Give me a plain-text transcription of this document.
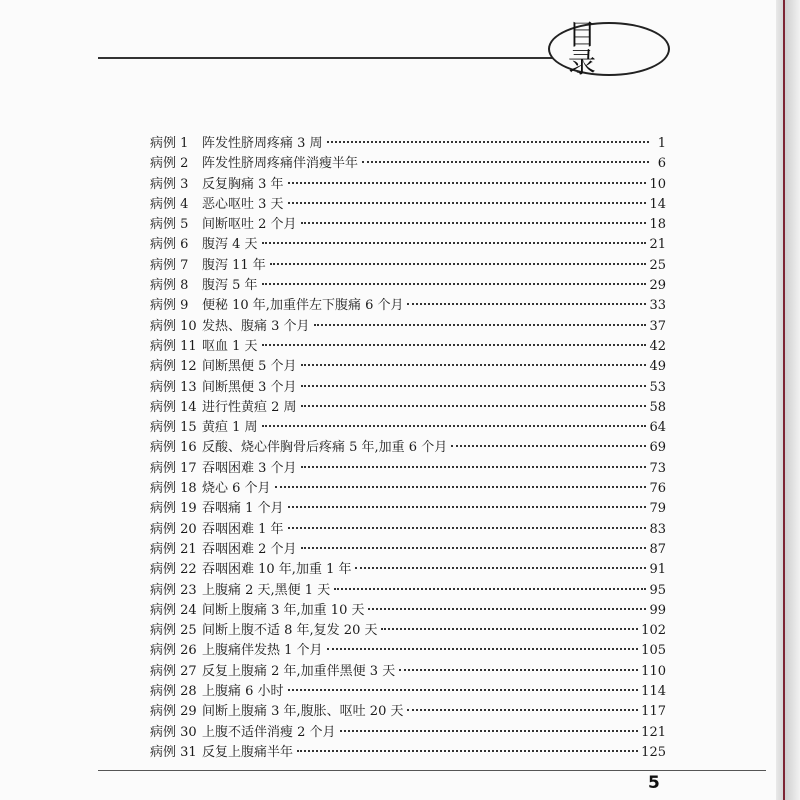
目 录
病例 1	阵发性脐周疼痛 3 周	1
病例 2	阵发性脐周疼痛伴消瘦半年	6
病例 3	反复胸痛 3 年	10
病例 4	恶心呕吐 3 天	14
病例 5	间断呕吐 2 个月	18
病例 6	腹泻 4 天	21
病例 7	腹泻 11 年	25
病例 8	腹泻 5 年	29
病例 9	便秘 10 年,加重伴左下腹痛 6 个月	33
病例 10 发热、腹痛 3 个月	37
病例 11 呕血 1 天	42
病例 12 间断黑便 5 个月	49
病例 13 间断黑便 3 个月	53
病例 14 进行性黄疸 2 周	58
病例 15 黄疸 1 周	64
病例 16 反酸、烧心伴胸骨后疼痛 5 年,加重 6 个月	69
病例 17 吞咽困难 3 个月	73
病例 18 烧心 6 个月	76
病例 19 吞咽痛 1 个月	79
病例 20 吞咽困难 1 年	83
病例 21 吞咽困难 2 个月	87
病例 22 吞咽困难 10 年,加重 1 年	91
病例 23 上腹痛 2 天,黑便 1 天	95
病例 24 间断上腹痛 3 年,加重 10 天	99
病例 25 间断上腹不适 8 年,复发 20 天	102
病例 26 上腹痛伴发热 1 个月	105
病例 27 反复上腹痛 2 年,加重伴黑便 3 天	110
病例 28 上腹痛 6 小时	114
病例 29 间断上腹痛 3 年,腹胀、呕吐 20 天	117
病例 30 上腹不适伴消瘦 2 个月	121
病例 31 反复上腹痛半年	125
5
